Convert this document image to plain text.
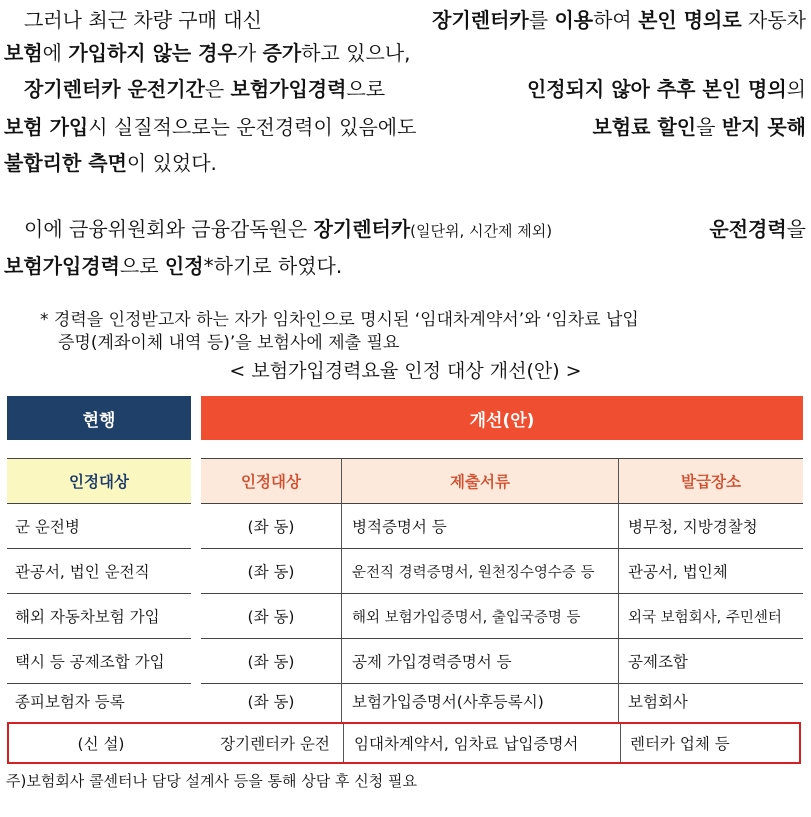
그러나 최근 차량 구매 대신	장기렌터카를 이용하여 본인 명의로 자동차
보험 에 가입하지 않는 경우 가 증가 하고 있으나,
장기렌터카 운전기간은 보험가입경력으로	인정되지 않아 추후 본인 명의의
보험 가입시 실질적으로는 운전경력이 있음에도	보험료 할인을 받지 못해
불합리한 측면 이 있었다.
이에 금융위원회와 금융감독원은 장기렌터카(일단위, 시간제 제외)	운전경력을
보험가입경력 으로 인정 *하기로 하였다.
* 경력을 인정받고자 하는 자가 임차인으로 명시된 ‘임대차계약서’와 ‘임차료 납입
증명(계좌이체 내역 등)’을 보험사에 제출 필요
< 보험가입경력요율 인정 대상 개선(안) >
현행	개선(안)
인정대상	인정대상	제출서류	발급장소
군 운전병	(좌 동)	병적증명서 등	병무청, 지방경찰청
관공서, 법인 운전직	(좌 동)	운전직 경력증명서, 원천징수영수증 등	관공서, 법인체
해외 자동차보험 가입	(좌 동)	해외 보험가입증명서, 출입국증명 등	외국 보험회사, 주민센터
택시 등 공제조합 가입	(좌 동)	공제 가입경력증명서 등	공제조합
종피보험자 등록	(좌 동)	보험가입증명서(사후등록시)	보험회사
(신 설)	장기렌터카 운전	임대차계약서, 임차료 납입증명서	렌터카 업체 등
주)보험회사 콜센터나 담당 설계사 등을 통해 상담 후 신청 필요
